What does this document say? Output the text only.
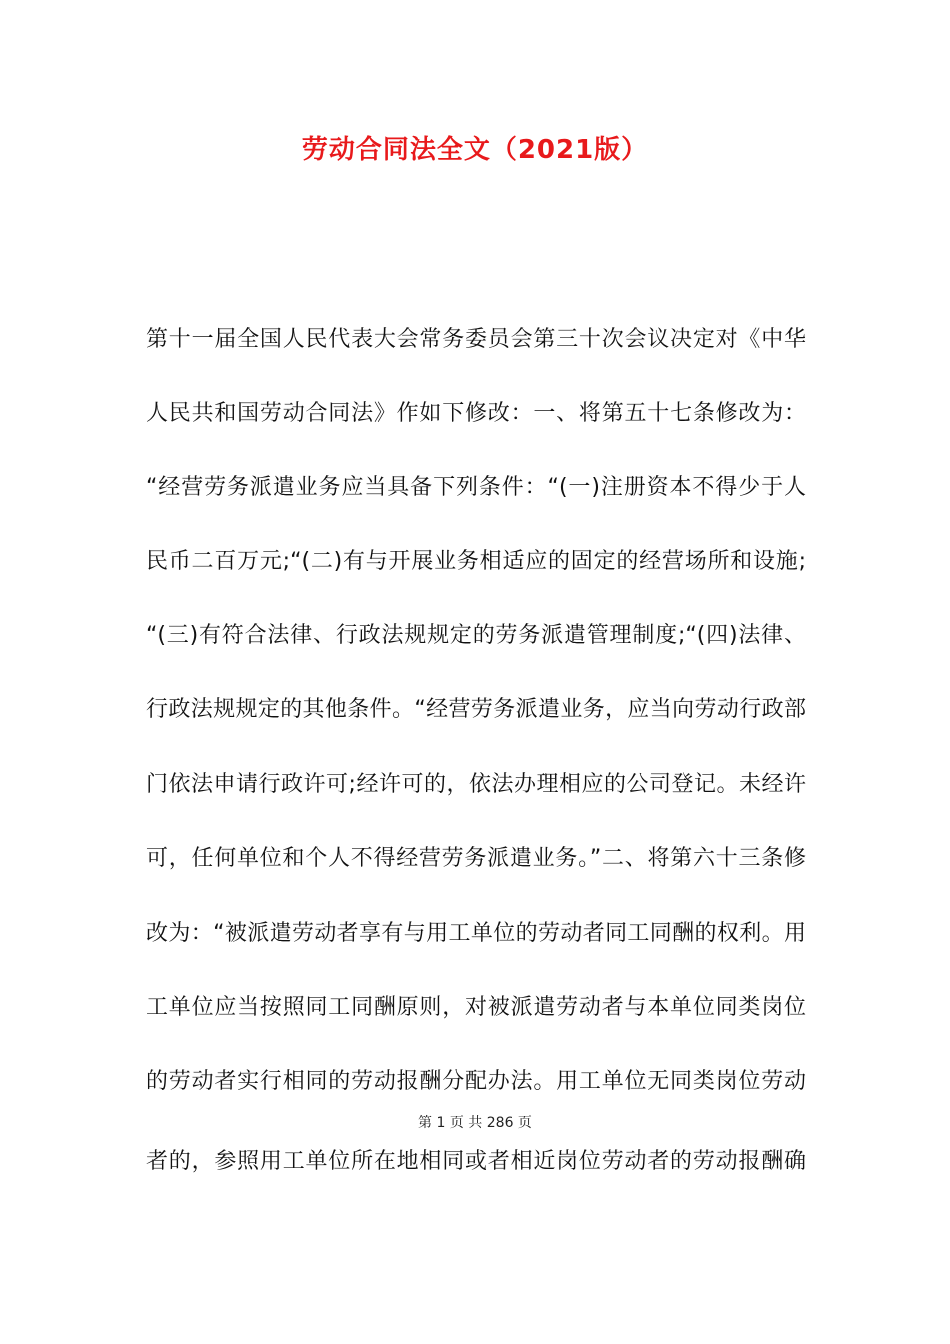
劳动合同法全文（2021版）
第十一届全国人民代表大会常务委员会第三十次会议决定对《中华
人民共和国劳动合同法》作如下修改：一、将第五十七条修改为：
“经营劳务派遣业务应当具备下列条件：“(一)注册资本不得少于人
民币二百万元;“(二)有与开展业务相适应的固定的经营场所和设施;
“(三)有符合法律、行政法规规定的劳务派遣管理制度;“(四)法律、
行政法规规定的其他条件。“经营劳务派遣业务，应当向劳动行政部
门依法申请行政许可;经许可的，依法办理相应的公司登记。未经许
可，任何单位和个人不得经营劳务派遣业务。”二、将第六十三条修
改为：“被派遣劳动者享有与用工单位的劳动者同工同酬的权利。用
工单位应当按照同工同酬原则，对被派遣劳动者与本单位同类岗位
的劳动者实行相同的劳动报酬分配办法。用工单位无同类岗位劳动
第 1 页 共 286 页
者的，参照用工单位所在地相同或者相近岗位劳动者的劳动报酬确
